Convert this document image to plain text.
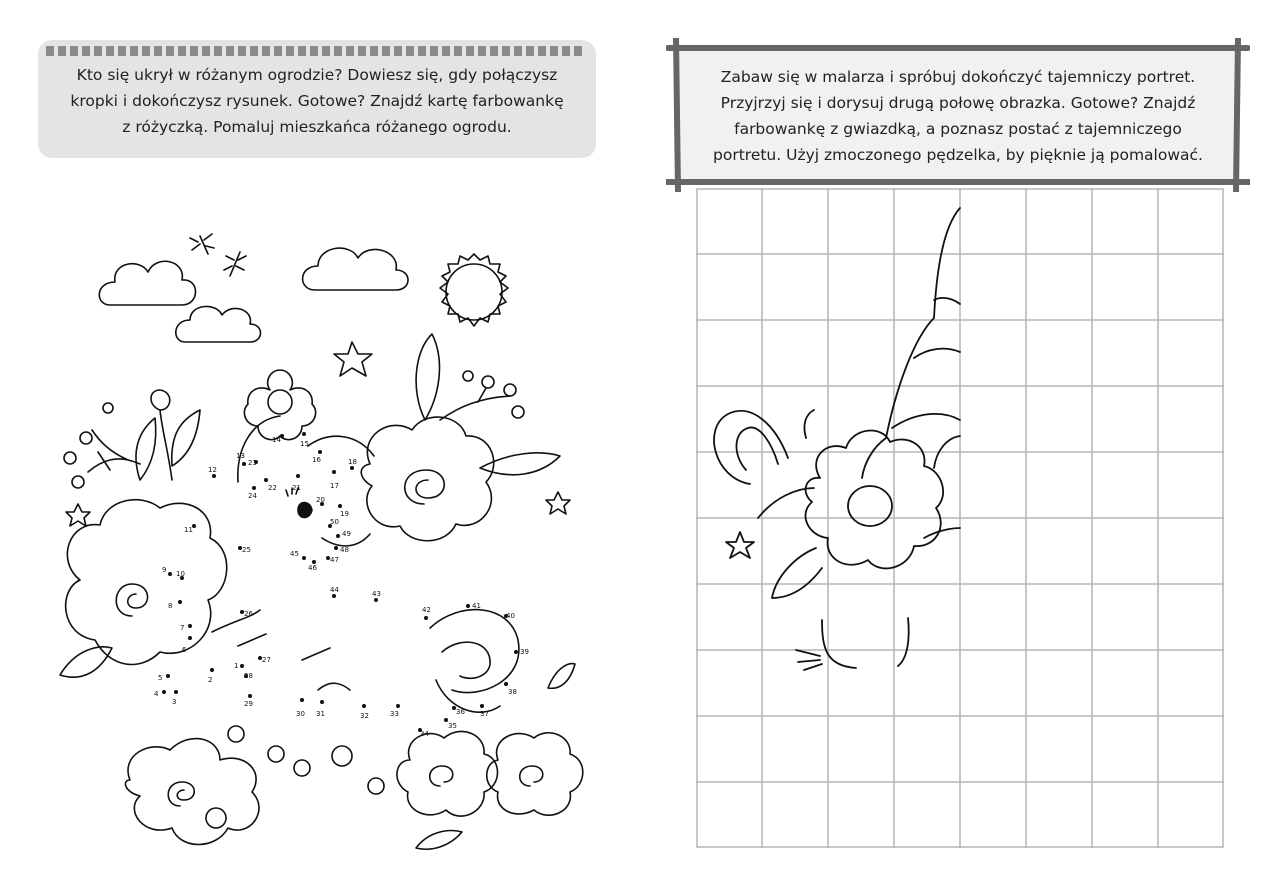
Kto się ukrył w różanym ogrodzie? Dowiesz się, gdy połączysz
kropki i dokończysz rysunek. Gotowe? Znajdź kartę farbowankę
z różyczką. Pomaluj mieszkańca różanego ogrodu.
Zabaw się w malarza i spróbuj dokończyć tajemniczy portret.
Przyjrzyj się i dorysuj drugą połowę obrazka. Gotowe? Znajdź
farbowankę z gwiazdką, a poznasz postać z tajemniczego
portretu. Użyj zmoczonego pędzelka, by pięknie ją pomalować.
1
2
3
4
5
6
7
8
9 10
11
12
13
14	15
16
17
18
19
20
21
22
23
24
25
26
27
28
29
30 31	32	33
34
35
36 37
38
39
40
41
42
43
44
45
46
47
48
49
50
